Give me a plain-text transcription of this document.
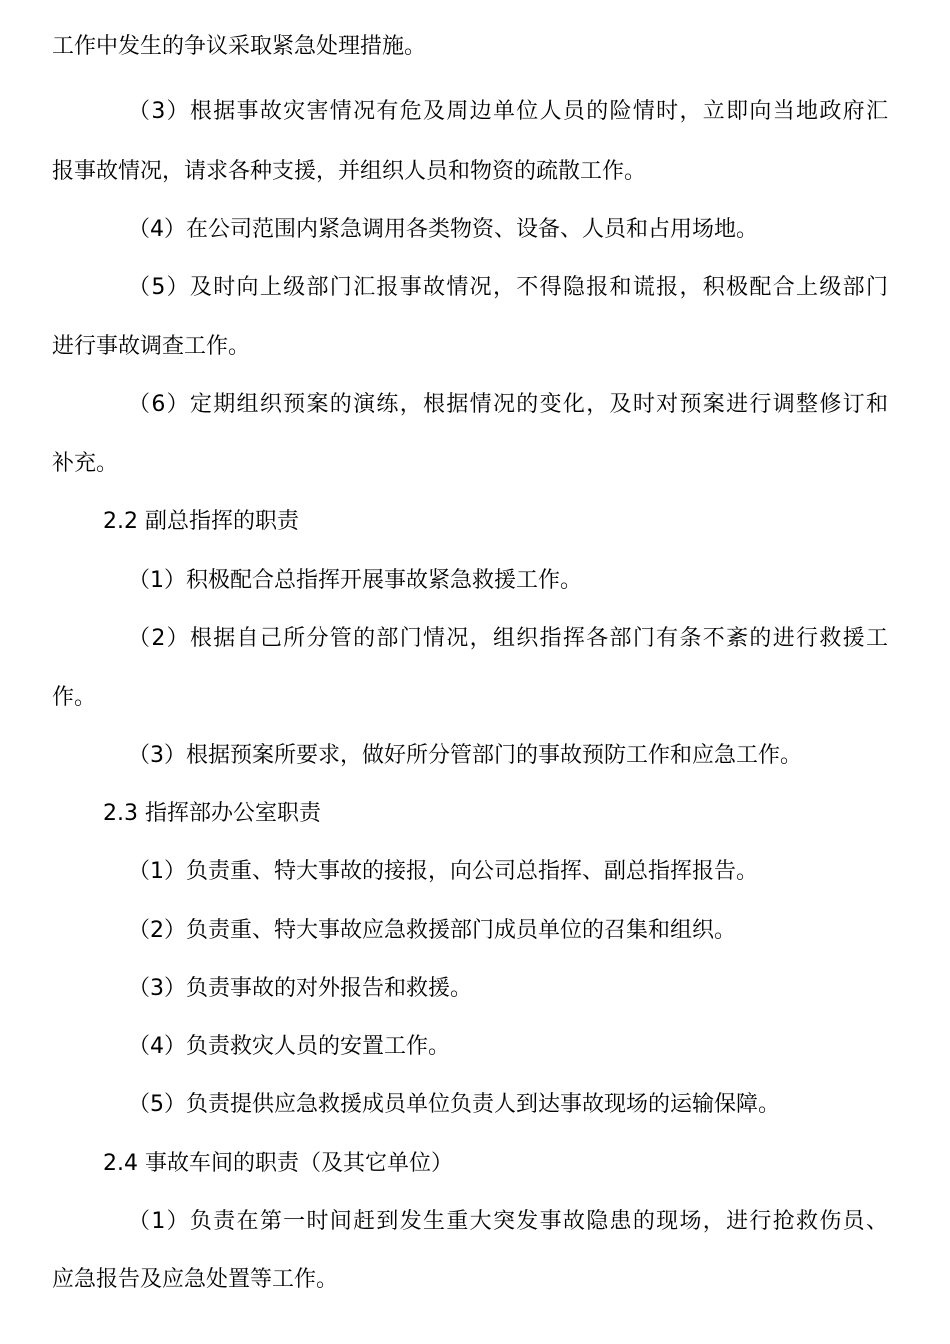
工作中发生的争议采取紧急处理措施。
（3）根据事故灾害情况有危及周边单位人员的险情时，立即向当地政府汇
报事故情况，请求各种支援，并组织人员和物资的疏散工作。
（4）在公司范围内紧急调用各类物资、设备、人员和占用场地。
（5）及时向上级部门汇报事故情况，不得隐报和谎报，积极配合上级部门
进行事故调查工作。
（6）定期组织预案的演练，根据情况的变化，及时对预案进行调整修订和
补充。
2.2 副总指挥的职责
（1）积极配合总指挥开展事故紧急救援工作。
（2）根据自己所分管的部门情况，组织指挥各部门有条不紊的进行救援工
作。
（3）根据预案所要求，做好所分管部门的事故预防工作和应急工作。
2.3 指挥部办公室职责
（1）负责重、特大事故的接报，向公司总指挥、副总指挥报告。
（2）负责重、特大事故应急救援部门成员单位的召集和组织。
（3）负责事故的对外报告和救援。
（4）负责救灾人员的安置工作。
（5）负责提供应急救援成员单位负责人到达事故现场的运输保障。
2.4 事故车间的职责（及其它单位）
（1）负责在第一时间赶到发生重大突发事故隐患的现场，进行抢救伤员、
应急报告及应急处置等工作。
